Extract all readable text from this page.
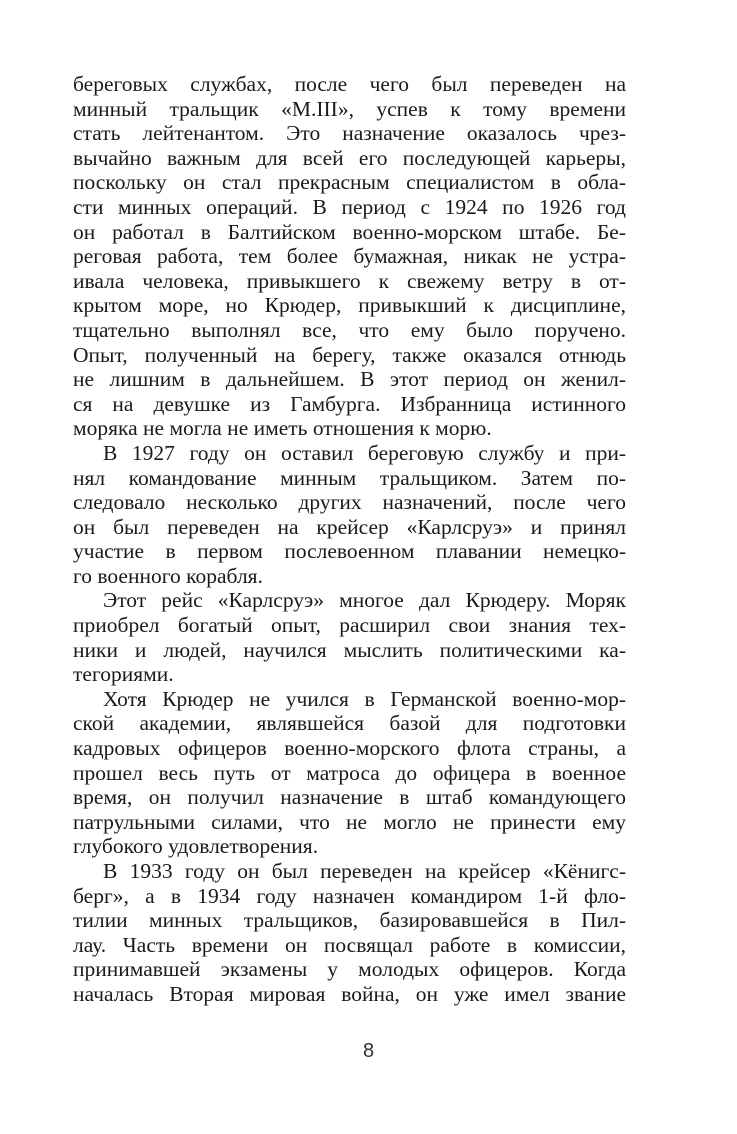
береговых службах, после чего был переведен на
минный тральщик «M.III», успев к тому времени
стать лейтенантом. Это назначение оказалось чрез-
вычайно важным для всей его последующей карьеры,
поскольку он стал прекрасным специалистом в обла-
сти минных операций. В период с 1924 по 1926 год
он работал в Балтийском военно-морском штабе. Бе-
реговая работа, тем более бумажная, никак не устра-
ивала человека, привыкшего к свежему ветру в от-
крытом море, но Крюдер, привыкший к дисциплине,
тщательно выполнял все, что ему было поручено.
Опыт, полученный на берегу, также оказался отнюдь
не лишним в дальнейшем. В этот период он женил-
ся на девушке из Гамбурга. Избранница истинного
моряка не могла не иметь отношения к морю.
В 1927 году он оставил береговую службу и при-
нял командование минным тральщиком. Затем по-
следовало несколько других назначений, после чего
он был переведен на крейсер «Карлсруэ» и принял
участие в первом послевоенном плавании немецко-
го военного корабля.
Этот рейс «Карлсруэ» многое дал Крюдеру. Моряк
приобрел богатый опыт, расширил свои знания тех-
ники и людей, научился мыслить политическими ка-
тегориями.
Хотя Крюдер не учился в Германской военно-мор-
ской академии, являвшейся базой для подготовки
кадровых офицеров военно-морского флота страны, а
прошел весь путь от матроса до офицера в военное
время, он получил назначение в штаб командующего
патрульными силами, что не могло не принести ему
глубокого удовлетворения.
В 1933 году он был переведен на крейсер «Кёнигс-
берг», а в 1934 году назначен командиром 1-й фло-
тилии минных тральщиков, базировавшейся в Пил-
лау. Часть времени он посвящал работе в комиссии,
принимавшей экзамены у молодых офицеров. Когда
началась Вторая мировая война, он уже имел звание
8
